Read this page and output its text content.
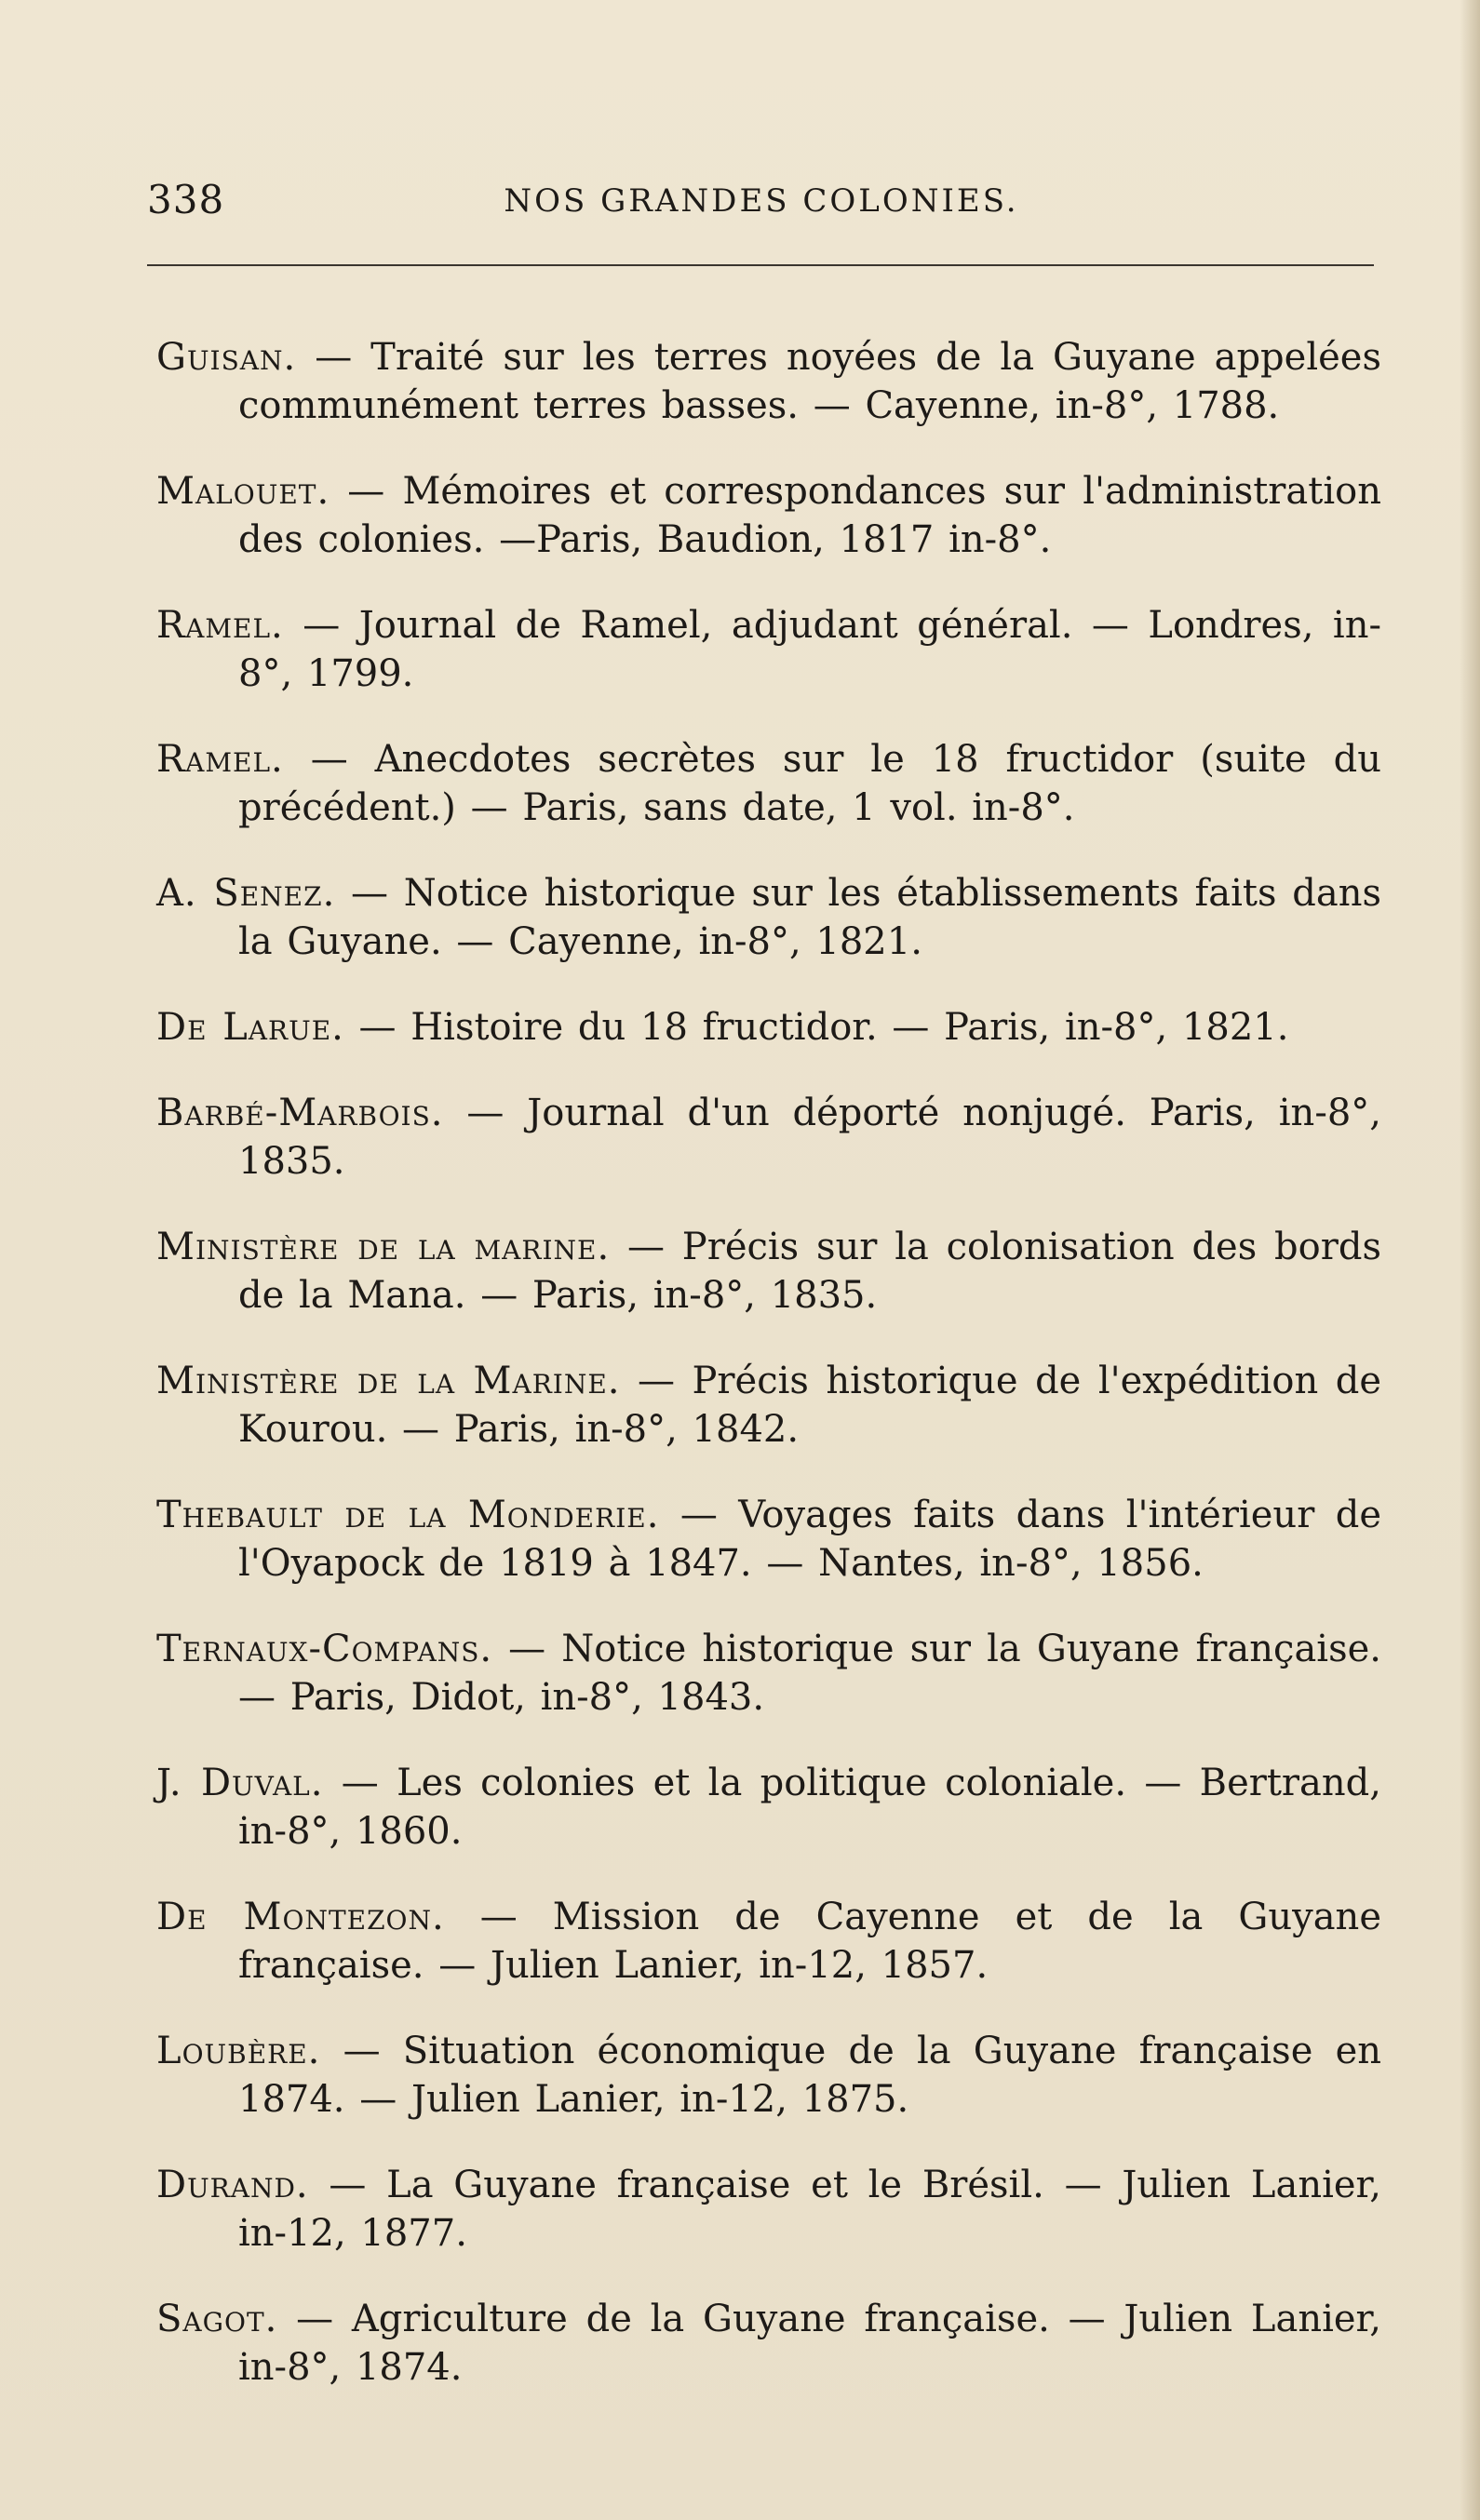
338	NOS GRANDES COLONIES.

Guisan. — Traité sur les terres noyées de la Guyane appelées communément terres basses. — Cayenne, in-8°, 1788.

Malouet. — Mémoires et correspondances sur l'administration des colonies. —Paris, Baudion, 1817 in-8°.

Ramel. — Journal de Ramel, adjudant général. — Londres, in-8°, 1799.

Ramel. — Anecdotes secrètes sur le 18 fructidor (suite du précédent.) — Paris, sans date, 1 vol. in-8°.

A. Senez. — Notice historique sur les établissements faits dans la Guyane. — Cayenne, in-8°, 1821.

De Larue. — Histoire du 18 fructidor. — Paris, in-8°, 1821.

Barbé-Marbois. — Journal d'un déporté nonjugé. Paris, in-8°, 1835.

Ministère de la marine. — Précis sur la colonisation des bords de la Mana. — Paris, in-8°, 1835.

Ministère de la Marine. — Précis historique de l'expédition de Kourou. — Paris, in-8°, 1842.

Thebault de la Monderie. — Voyages faits dans l'intérieur de l'Oyapock de 1819 à 1847. — Nantes, in-8°, 1856.

Ternaux-Compans. — Notice historique sur la Guyane française. — Paris, Didot, in-8°, 1843.

J. Duval. — Les colonies et la politique coloniale. — Bertrand, in-8°, 1860.

De Montezon. — Mission de Cayenne et de la Guyane française. — Julien Lanier, in-12, 1857.

Loubère. — Situation économique de la Guyane française en 1874. — Julien Lanier, in-12, 1875.

Durand. — La Guyane française et le Brésil. — Julien Lanier, in-12, 1877.

Sagot. — Agriculture de la Guyane française. — Julien Lanier, in-8°, 1874.
